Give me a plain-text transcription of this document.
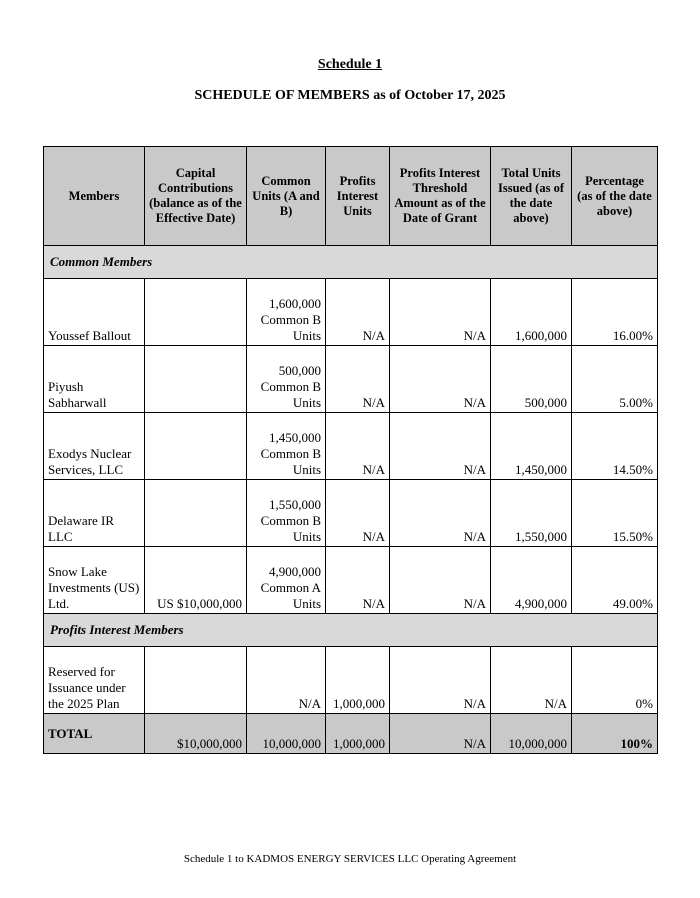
Schedule 1
SCHEDULE OF MEMBERS as of October 17, 2025
Members	Capital Contributions (balance as of the Effective Date)	Common Units (A and B)	Profits Interest Units	Profits Interest Threshold Amount as of the Date of Grant	Total Units Issued (as of the date above)	Percentage (as of the date above)
Common Members						
Youssef Ballout		1,600,000 Common B Units	N/A	N/A	1,600,000	16.00%
Piyush Sabharwall		500,000 Common B Units	N/A	N/A	500,000	5.00%
Exodys Nuclear Services, LLC		1,450,000 Common B Units	N/A	N/A	1,450,000	14.50%
Delaware IR LLC		1,550,000 Common B Units	N/A	N/A	1,550,000	15.50%
Snow Lake Investments (US) Ltd.	US $10,000,000	4,900,000 Common A Units	N/A	N/A	4,900,000	49.00%
Profits Interest Members						
Reserved for Issuance under the 2025 Plan		N/A	1,000,000	N/A	N/A	0%
TOTAL	$10,000,000	10,000,000	1,000,000	N/A	10,000,000	100%
Schedule 1 to KADMOS ENERGY SERVICES LLC Operating Agreement
